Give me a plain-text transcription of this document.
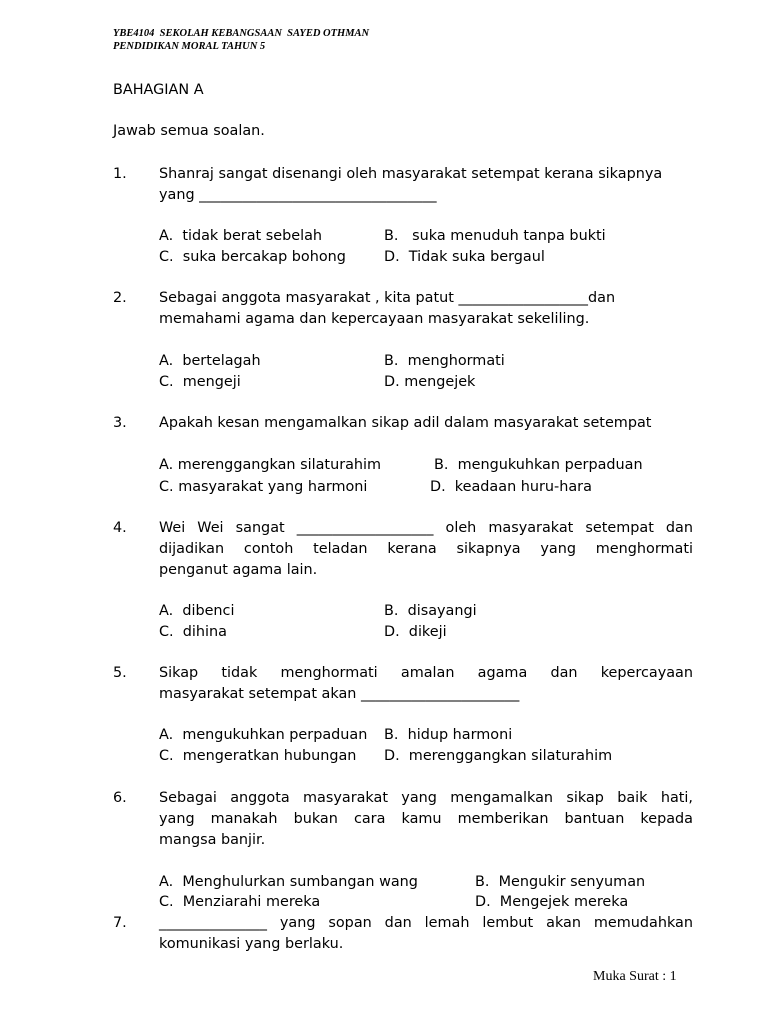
YBE4104  SEKOLAH KEBANGSAAN  SAYED OTHMAN
PENDIDIKAN MORAL TAHUN 5
BAHAGIAN A
Jawab semua soalan.
1. Shanraj sangat disenangi oleh masyarakat setempat kerana sikapnya
yang _________________________________
A.  tidak berat sebelah	B.   suka menuduh tanpa bukti
C.  suka bercakap bohong	D.  Tidak suka bergaul
2. Sebagai anggota masyarakat , kita patut __________________dan
memahami agama dan kepercayaan masyarakat sekeliling.
A.  bertelagah	B.  menghormati
C.  mengeji	D. mengejek
3. Apakah kesan mengamalkan sikap adil dalam masyarakat setempat
A. merenggangkan silaturahim	B.  mengukuhkan perpaduan
C. masyarakat yang harmoni	D.  keadaan huru-hara
4. Wei Wei sangat ___________________ oleh masyarakat setempat dan
dijadikan contoh teladan kerana sikapnya yang menghormati
penganut agama lain.
A.  dibenci	B.  disayangi
C.  dihina	D.  dikeji
5. Sikap tidak menghormati amalan agama dan kepercayaan
masyarakat setempat akan ______________________
A.  mengukuhkan perpaduan B.  hidup harmoni
C.  mengeratkan hubungan D.  merenggangkan silaturahim
6. Sebagai anggota masyarakat yang mengamalkan sikap baik hati,
yang manakah bukan cara kamu memberikan bantuan kepada
mangsa banjir.
A.  Menghulurkan sumbangan wang	B.  Mengukir senyuman
C.  Menziarahi mereka	D.  Mengejek mereka
7. _______________ yang sopan dan lemah lembut akan memudahkan
komunikasi yang berlaku.
Muka Surat : 1
